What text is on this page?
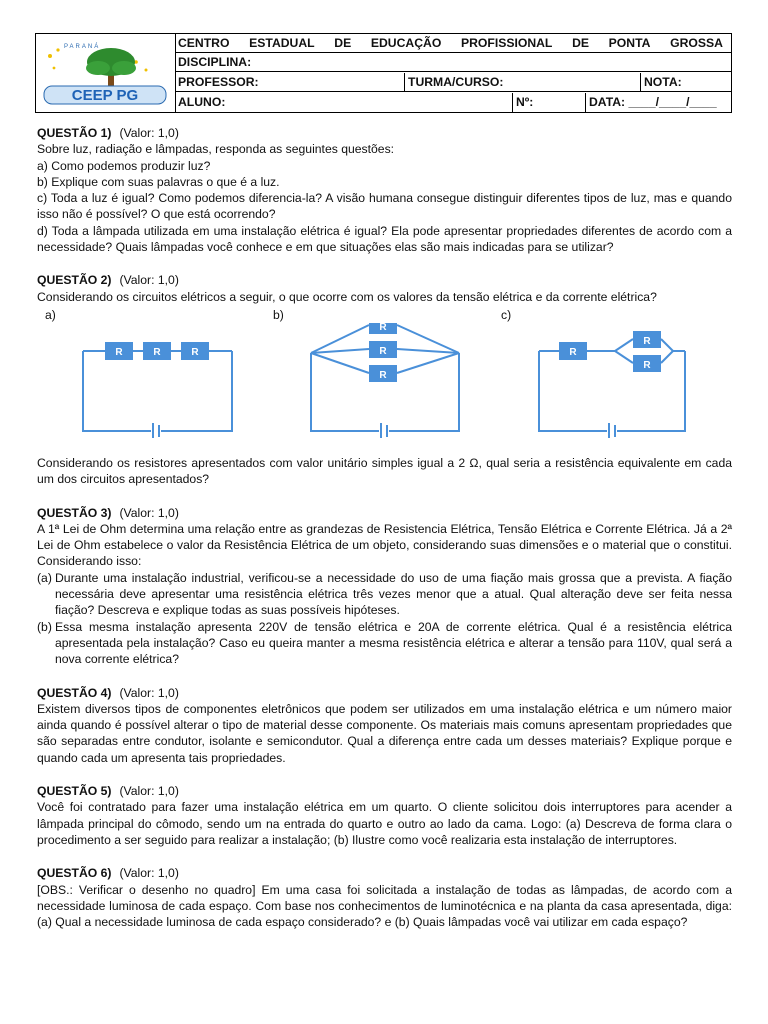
PARANÁ
CEEP PG
CENTRO ESTADUAL DE EDUCAÇÃO PROFISSIONAL DE PONTA GROSSA
DISCIPLINA:
PROFESSOR:	TURMA/CURSO:	NOTA:
ALUNO:	Nº:	DATA: ____/____/____

QUESTÃO 1) (Valor: 1,0)

Sobre luz, radiação e lâmpadas, responda as seguintes questões:

a) Como podemos produzir luz?

b) Explique com suas palavras o que é a luz.

c) Toda a luz é igual? Como podemos diferencia-la? A visão humana consegue distinguir diferentes tipos de luz, mas e quando isso não é possível? O que está ocorrendo?

d) Toda a lâmpada utilizada em uma instalação elétrica é igual? Ela pode apresentar propriedades diferentes de acordo com a necessidade? Quais lâmpadas você conhece e em que situações elas são mais indicadas para se utilizar?

QUESTÃO 2) (Valor: 1,0)

Considerando os circuitos elétricos a seguir, o que ocorre com os valores da tensão elétrica e da corrente elétrica?

a)	b)	c)
R	R	R
R
R
R
R
R
R

Considerando os resistores apresentados com valor unitário simples igual a 2 Ω, qual seria a resistência equivalente em cada um dos circuitos apresentados?

QUESTÃO 3) (Valor: 1,0)

A 1ª Lei de Ohm determina uma relação entre as grandezas de Resistencia Elétrica, Tensão Elétrica e Corrente Elétrica. Já a 2ª Lei de Ohm estabelece o valor da Resistência Elétrica de um objeto, considerando suas dimensões e o material que o constitui. Considerando isso:

(a) Durante uma instalação industrial, verificou-se a necessidade do uso de uma fiação mais grossa que a prevista. A fiação necessária deve apresentar uma resistência elétrica três vezes menor que a atual. Qual alteração deve ser feita nessa fiação? Descreva e explique todas as suas possíveis hipóteses.
(b) Essa mesma instalação apresenta 220V de tensão elétrica e 20A de corrente elétrica. Qual é a resistência elétrica apresentada pela instalação? Caso eu queira manter a mesma resistência elétrica e alterar a tensão para 110V, qual será a nova corrente elétrica?

QUESTÃO 4) (Valor: 1,0)

Existem diversos tipos de componentes eletrônicos que podem ser utilizados em uma instalação elétrica e um número maior ainda quando é possível alterar o tipo de material desse componente. Os materiais mais comuns apresentam propriedades que são separadas entre condutor, isolante e semicondutor. Qual a diferença entre cada um desses materiais? Explique porque e quando cada um apresenta tais propriedades.

QUESTÃO 5) (Valor: 1,0)

Você foi contratado para fazer uma instalação elétrica em um quarto. O cliente solicitou dois interruptores para acender a lâmpada principal do cômodo, sendo um na entrada do quarto e outro ao lado da cama. Logo: (a) Descreva de forma clara o procedimento a ser seguido para realizar a instalação; (b) Ilustre como você realizaria esta instalação de interruptores.

QUESTÃO 6) (Valor: 1,0)

[OBS.: Verificar o desenho no quadro] Em uma casa foi solicitada a instalação de todas as lâmpadas, de acordo com a necessidade luminosa de cada espaço. Com base nos conhecimentos de luminotécnica e na planta da casa apresentada, diga: (a) Qual a necessidade luminosa de cada espaço considerado? e (b) Quais lâmpadas você vai utilizar em cada espaço?
